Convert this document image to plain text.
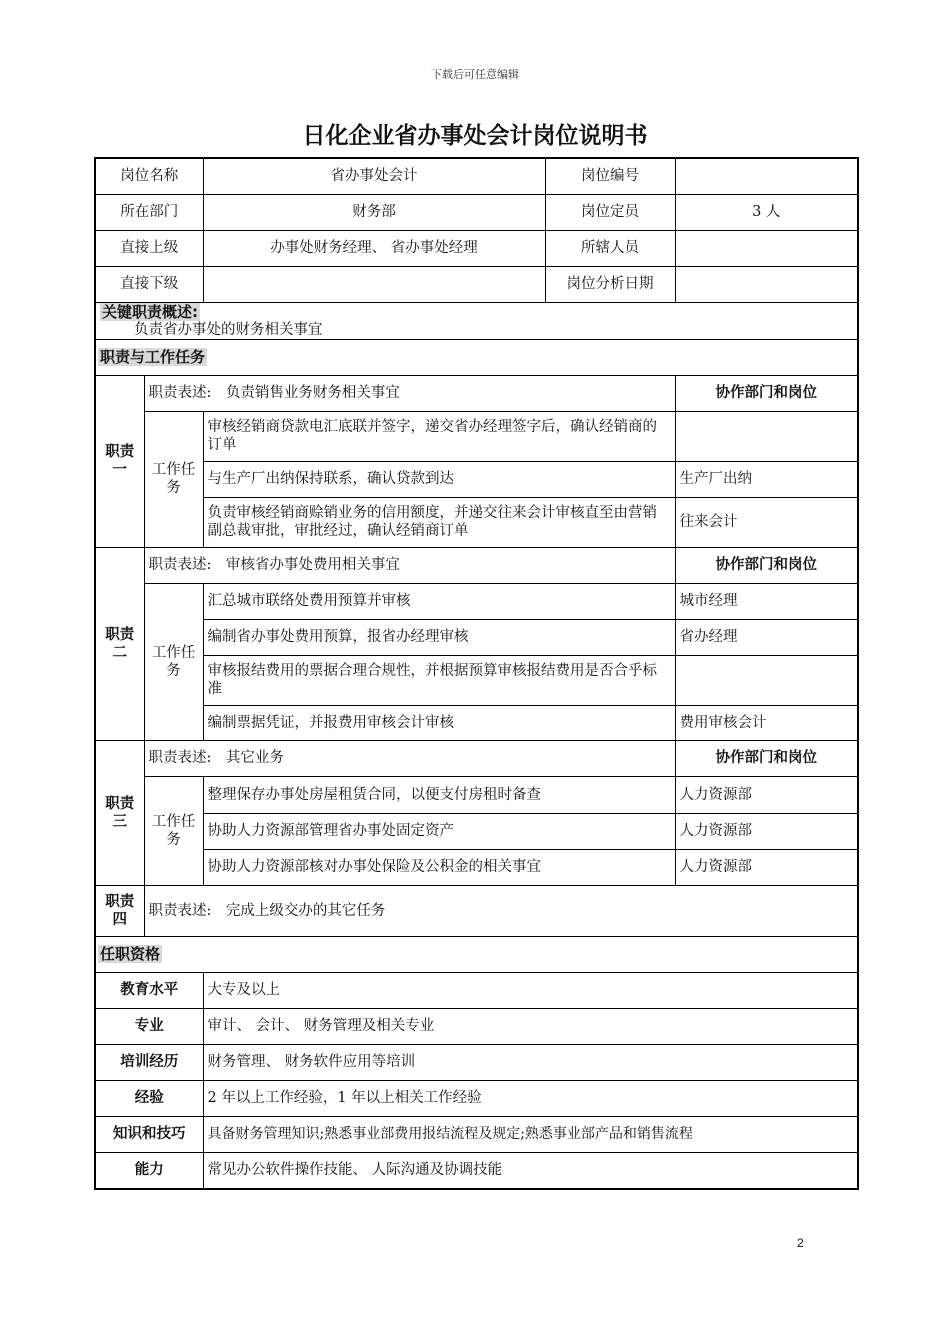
下载后可任意编辑
日化企业省办事处会计岗位说明书
岗位名称		省办事处会计	岗位编号	
所在部门		财务部	岗位定员	3 人
直接上级		办事处财务经理、 省办事处经理	所辖人员	
直接下级			岗位分析日期	

关键职责概述:
负责省办事处的财务相关事宜				

职责与工作任务				
职责一	职责表述:　负责销售业务财务相关事宜			协作部门和岗位
	工作任务	审核经销商贷款电汇底联并签字，递交省办经理签字后，确认经销商的订单		
		与生产厂出纳保持联系，确认贷款到达		生产厂出纳
		负责审核经销商赊销业务的信用额度，并递交往来会计审核直至由营销副总裁审批，审批经过，确认经销商订单		往来会计
职责二	职责表述:　审核省办事处费用相关事宜			协作部门和岗位
	工作任务	汇总城市联络处费用预算并审核		城市经理
		编制省办事处费用预算，报省办经理审核		省办经理
		审核报结费用的票据合理合规性，并根据预算审核报结费用是否合乎标准		
		编制票据凭证，并报费用审核会计审核		费用审核会计
职责三	职责表述:　其它业务			协作部门和岗位
	工作任务	整理保存办事处房屋租赁合同，以便支付房租时备查		人力资源部
		协助人力资源部管理省办事处固定资产		人力资源部
		协助人力资源部核对办事处保险及公积金的相关事宜		人力资源部
职责四	职责表述:　完成上级交办的其它任务			
任职资格				
教育水平		大专及以上		
专业		审计、 会计、 财务管理及相关专业		
培训经历		财务管理、 财务软件应用等培训		
经验		2 年以上工作经验，1 年以上相关工作经验		
知识和技巧		具备财务管理知识;熟悉事业部费用报结流程及规定;熟悉事业部产品和销售流程		
能力		常见办公软件操作技能、 人际沟通及协调技能		
2
